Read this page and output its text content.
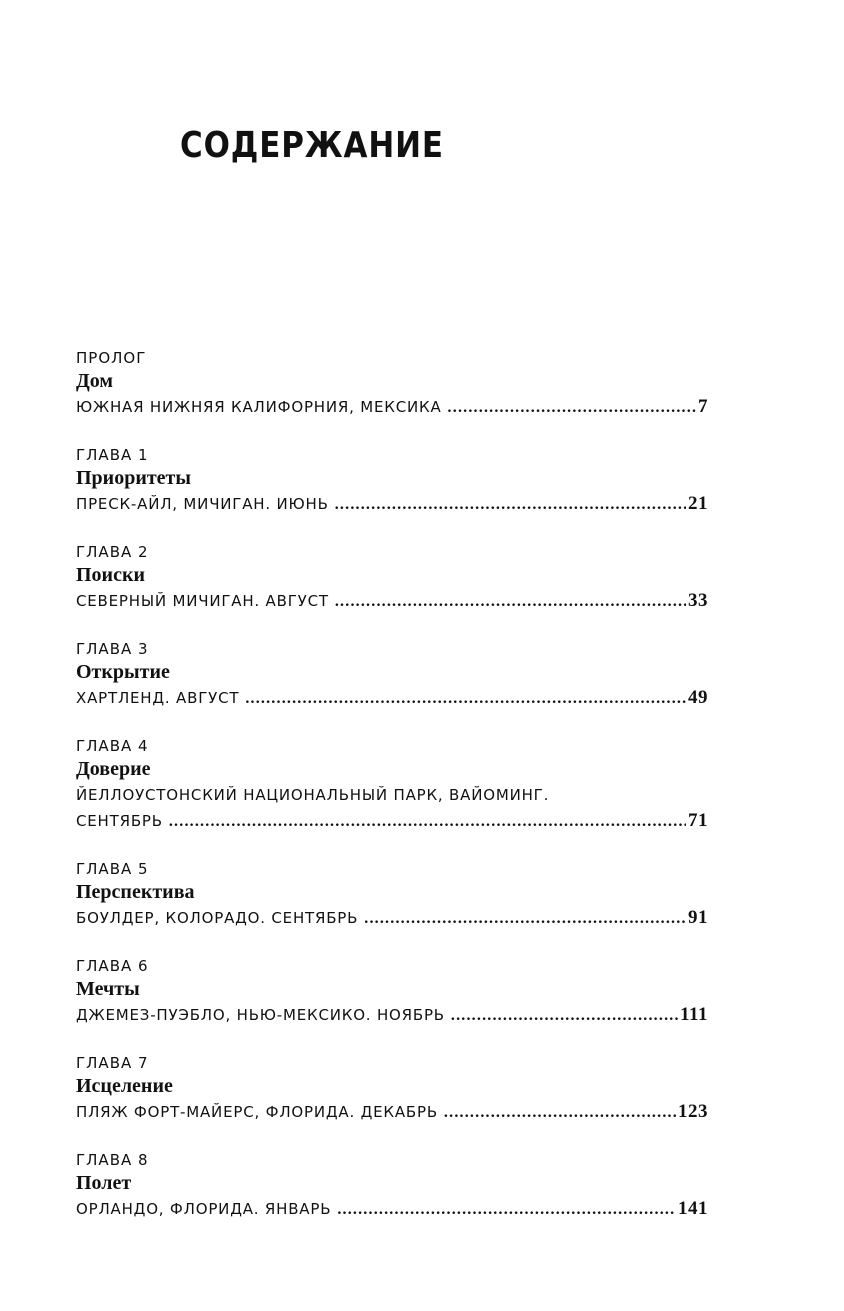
СОДЕРЖАНИЕ
ПРОЛОГ
Дом
ЮЖНАЯ НИЖНЯЯ КАЛИФОРНИЯ, МЕКСИКА .....	7
ГЛАВА 1
Приоритеты
ПРЕСК-АЙЛ, МИЧИГАН. ИЮНЬ .....	21
ГЛАВА 2
Поиски
СЕВЕРНЫЙ МИЧИГАН. АВГУСТ .....	33
ГЛАВА 3
Открытие
ХАРТЛЕНД. АВГУСТ .....	49
ГЛАВА 4
Доверие
ЙЕЛЛОУСТОНСКИЙ НАЦИОНАЛЬНЫЙ ПАРК, ВАЙОМИНГ.
СЕНТЯБРЬ .....	71
ГЛАВА 5
Перспектива
БОУЛДЕР, КОЛОРАДО. СЕНТЯБРЬ .....	91
ГЛАВА 6
Мечты
ДЖЕМЕЗ-ПУЭБЛО, НЬЮ-МЕКСИКО. НОЯБРЬ .....	111
ГЛАВА 7
Исцеление
ПЛЯЖ ФОРТ-МАЙЕРС, ФЛОРИДА. ДЕКАБРЬ .....	123
ГЛАВА 8
Полет
ОРЛАНДО, ФЛОРИДА. ЯНВАРЬ .....	141
